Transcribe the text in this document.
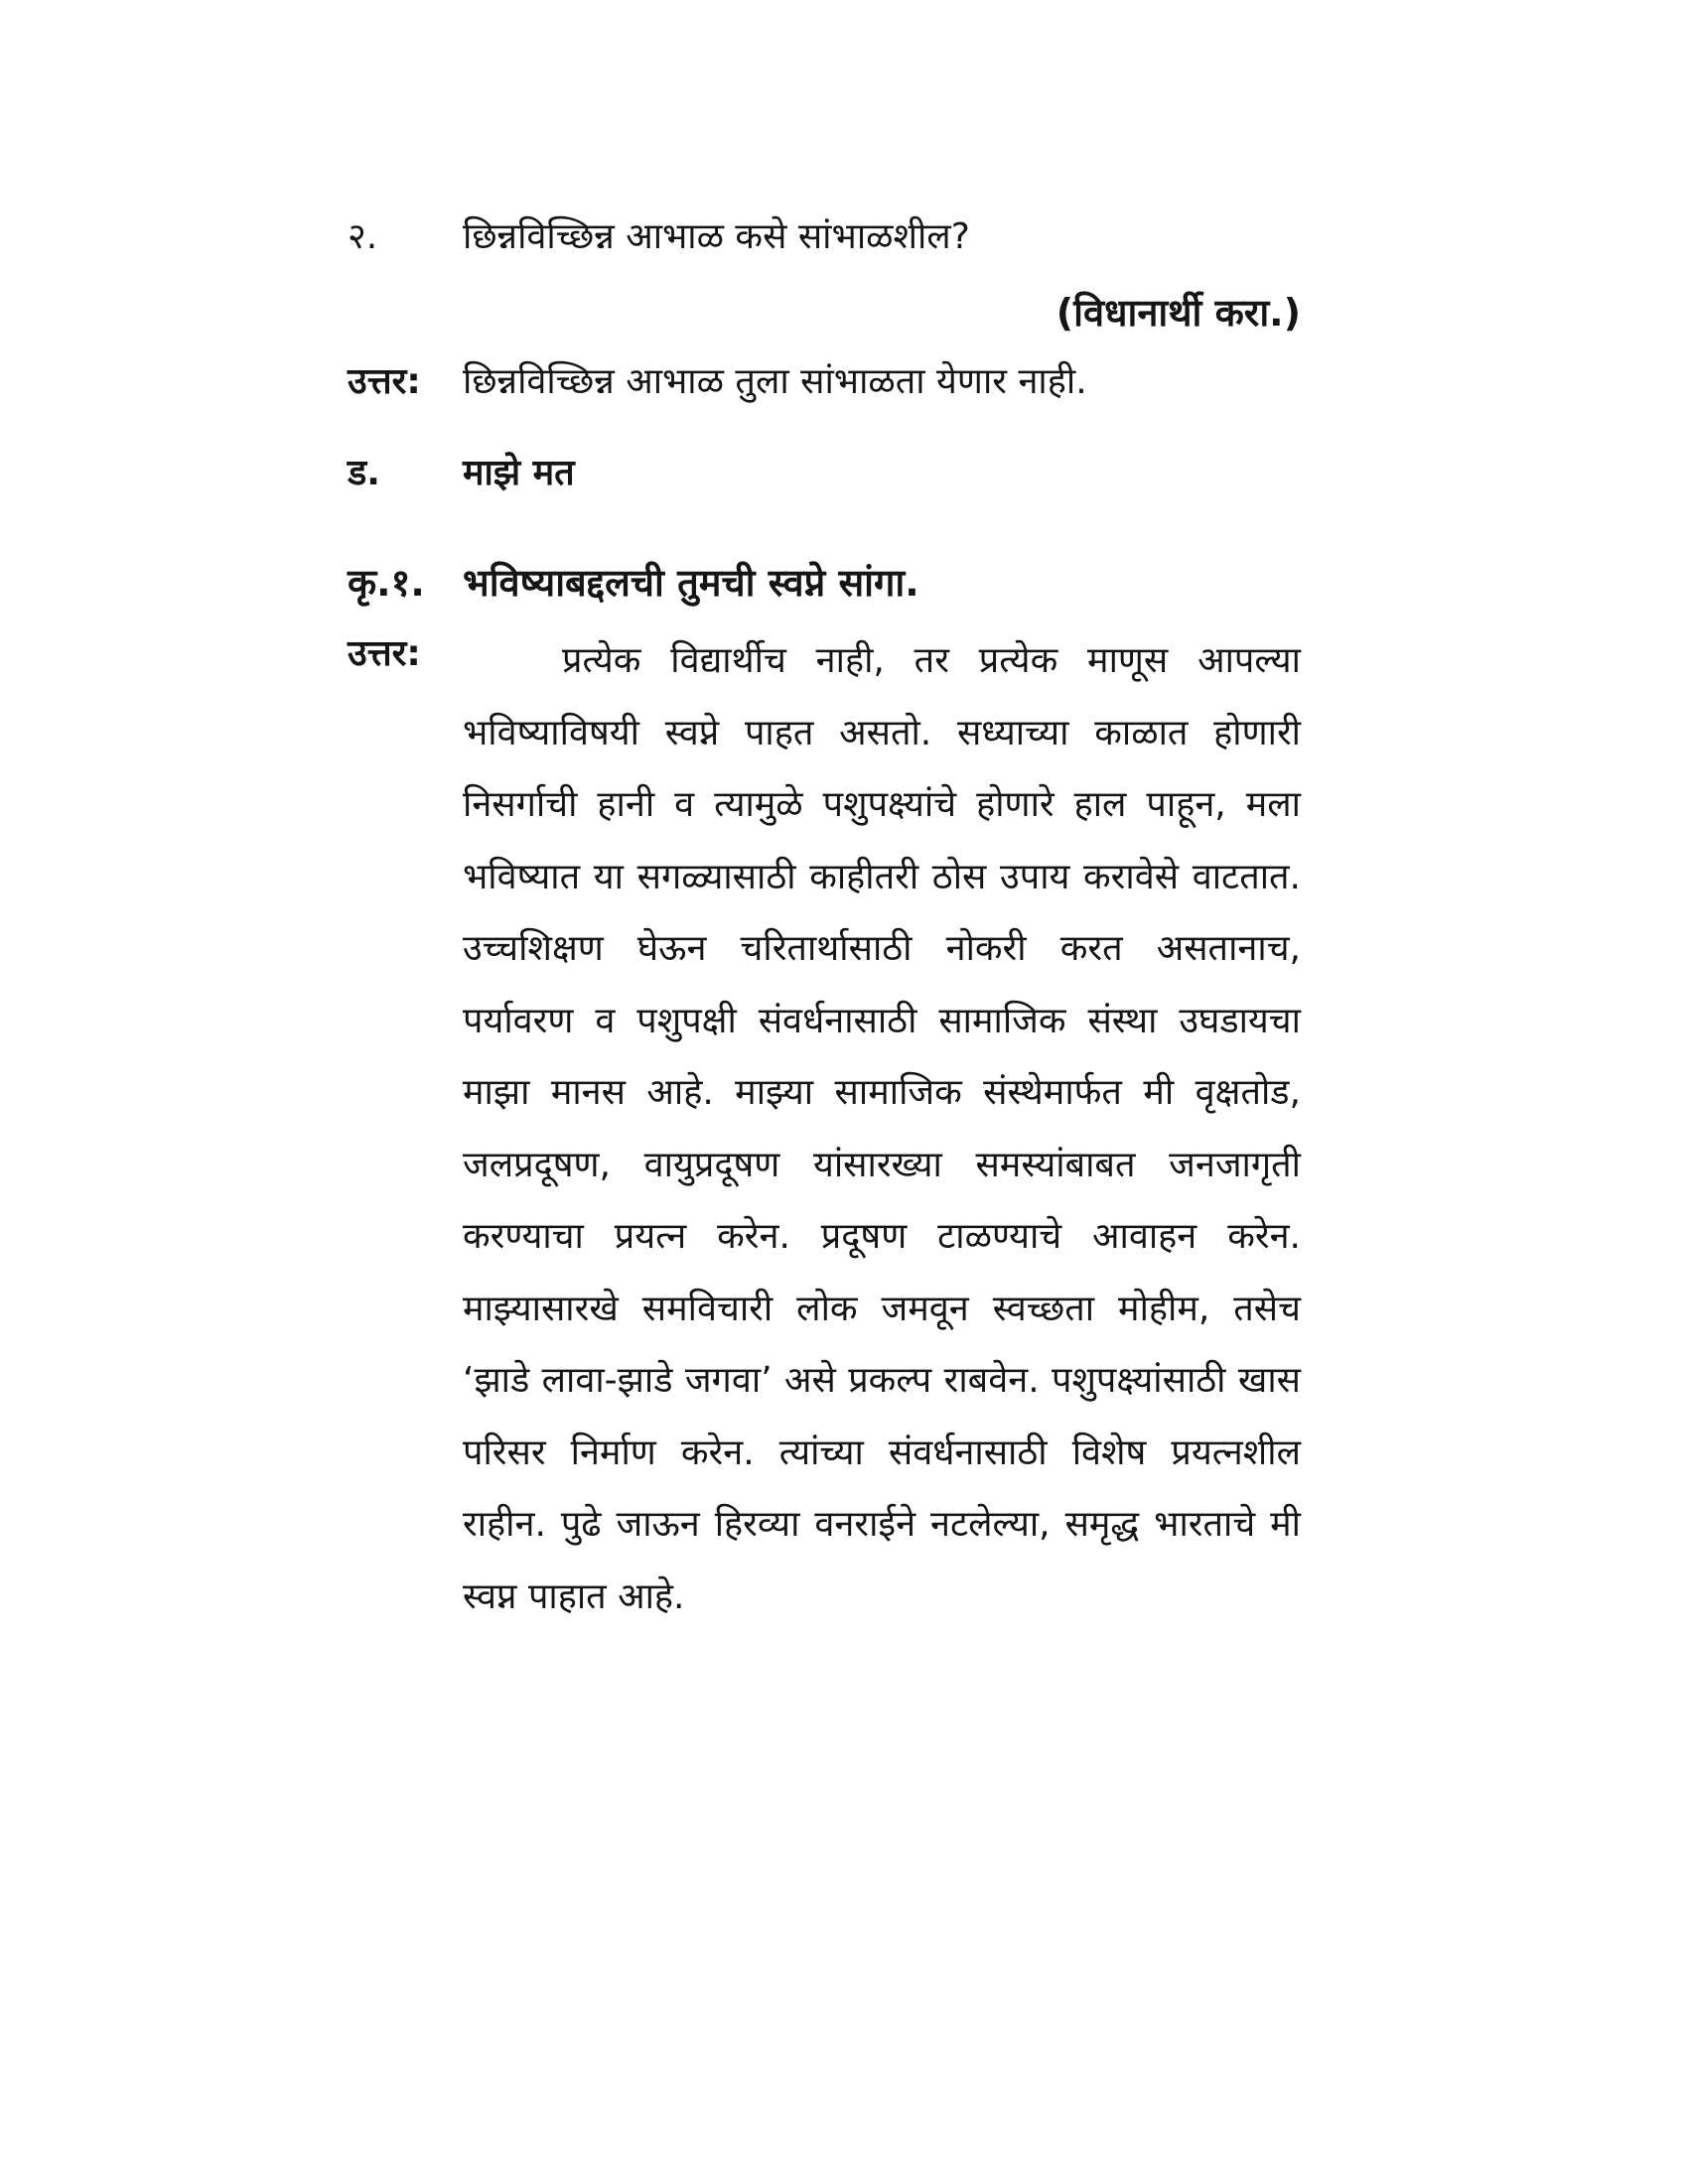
२.	छिन्नविच्छिन्न आभाळ कसे सांभाळशील?
(विधानार्थी करा.)
उत्तर:	छिन्नविच्छिन्न आभाळ तुला सांभाळता येणार नाही.
ड.	माझे मत
कृ.१.	भविष्याबद्दलची तुमची स्वप्ने सांगा.
उत्तर:	प्रत्येक विद्यार्थीच नाही, तर प्रत्येक माणूस आपल्या भविष्याविषयी स्वप्ने पाहत असतो. सध्याच्या काळात होणारी निसर्गाची हानी व त्यामुळे पशुपक्ष्यांचे होणारे हाल पाहून, मला भविष्यात या सगळ्यासाठी काहीतरी ठोस उपाय करावेसे वाटतात. उच्चशिक्षण घेऊन चरितार्थासाठी नोकरी करत असतानाच, पर्यावरण व पशुपक्षी संवर्धनासाठी सामाजिक संस्था उघडायचा माझा मानस आहे. माझ्या सामाजिक संस्थेमार्फत मी वृक्षतोड, जलप्रदूषण, वायुप्रदूषण यांसारख्या समस्यांबाबत जनजागृती करण्याचा प्रयत्न करेन. प्रदूषण टाळण्याचे आवाहन करेन. माझ्यासारखे समविचारी लोक जमवून स्वच्छता मोहीम, तसेच ‘झाडे लावा-झाडे जगवा’ असे प्रकल्प राबवेन. पशुपक्ष्यांसाठी खास परिसर निर्माण करेन. त्यांच्या संवर्धनासाठी विशेष प्रयत्नशील राहीन. पुढे जाऊन हिरव्या वनराईने नटलेल्या, समृद्ध भारताचे मी स्वप्न पाहात आहे.
